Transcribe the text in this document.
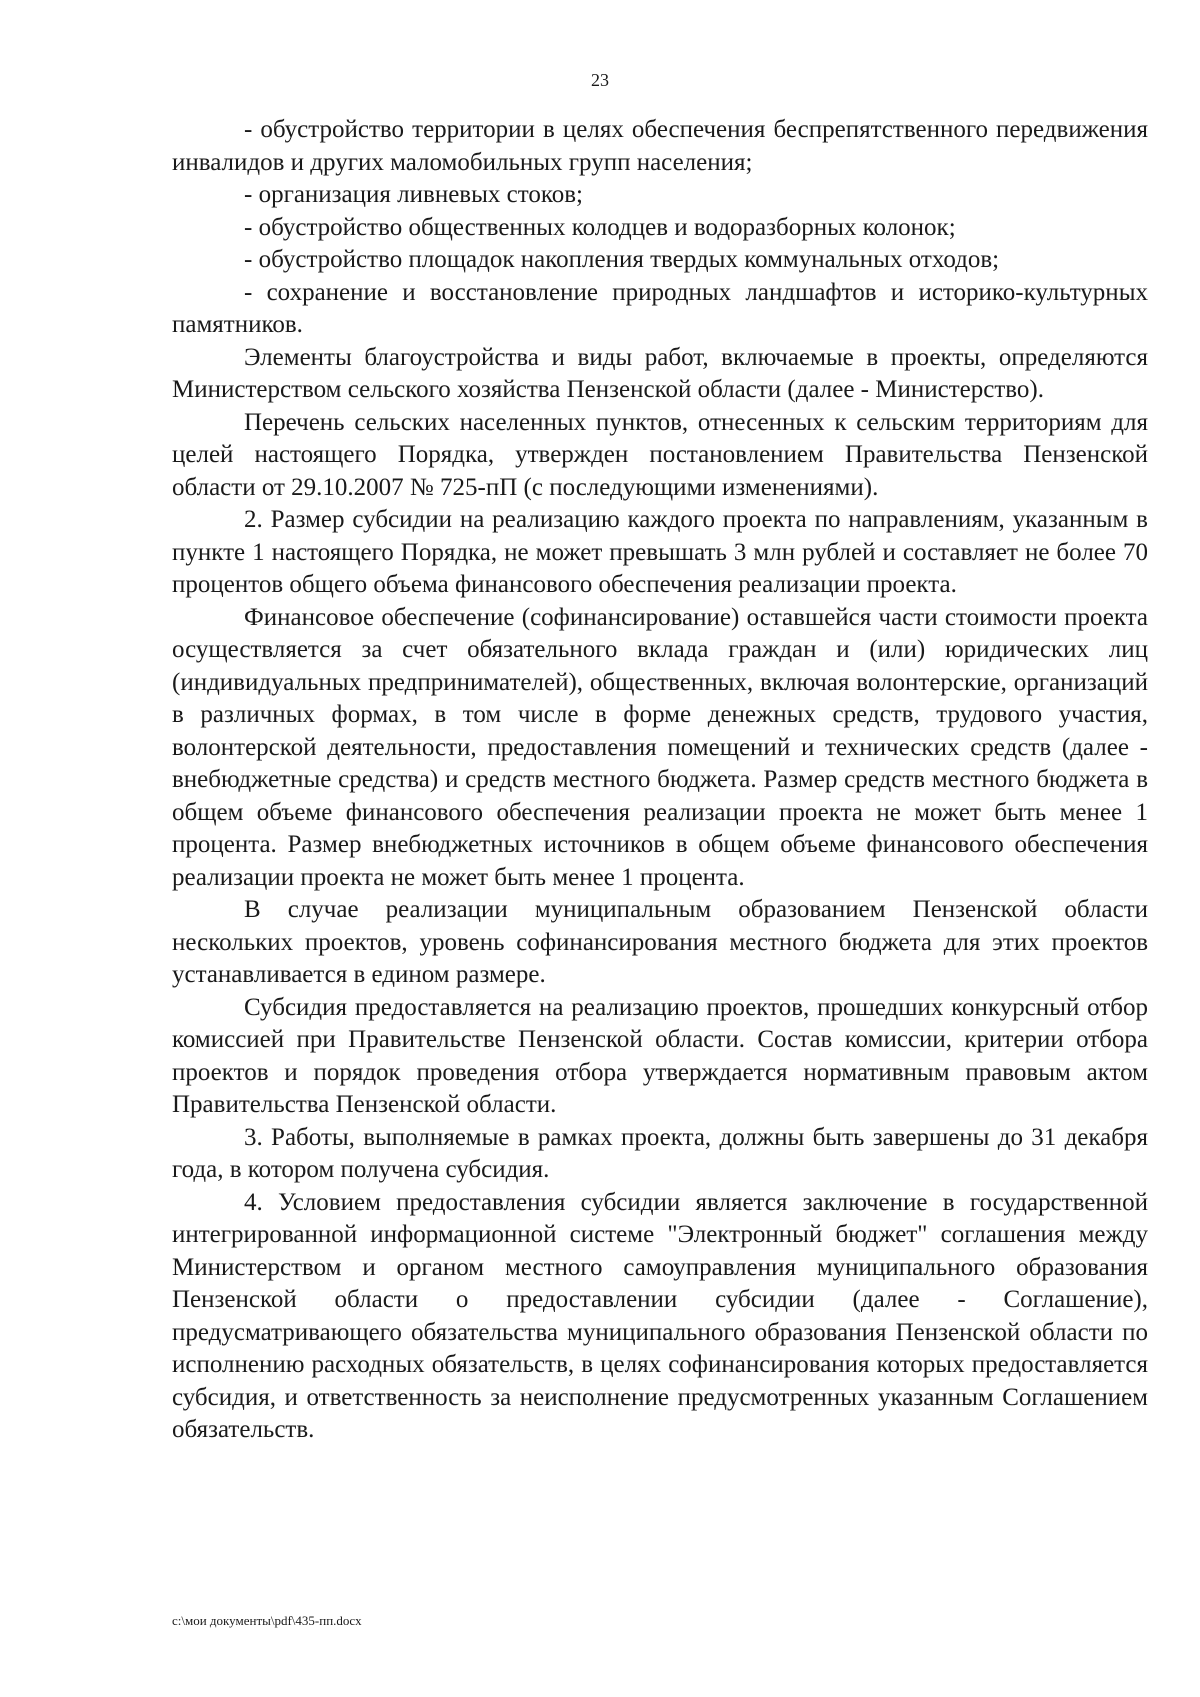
23

- обустройство территории в целях обеспечения беспрепятственного передвижения инвалидов и других маломобильных групп населения;

- организация ливневых стоков;

- обустройство общественных колодцев и водоразборных колонок;

- обустройство площадок накопления твердых коммунальных отходов;

- сохранение и восстановление природных ландшафтов и историко-культурных памятников.

Элементы благоустройства и виды работ, включаемые в проекты, определяются Министерством сельского хозяйства Пензенской области (далее - Министерство).

Перечень сельских населенных пунктов, отнесенных к сельским территориям для целей настоящего Порядка, утвержден постановлением Правительства Пензенской области от 29.10.2007 № 725-пП (с последующими изменениями).

2. Размер субсидии на реализацию каждого проекта по направлениям, указанным в пункте 1 настоящего Порядка, не может превышать 3 млн рублей и составляет не более 70 процентов общего объема финансового обеспечения реализации проекта.

Финансовое обеспечение (софинансирование) оставшейся части стоимости проекта осуществляется за счет обязательного вклада граждан и (или) юридических лиц (индивидуальных предпринимателей), общественных, включая волонтерские, организаций в различных формах, в том числе в форме денежных средств, трудового участия, волонтерской деятельности, предоставления помещений и технических средств (далее - внебюджетные средства) и средств местного бюджета. Размер средств местного бюджета в общем объеме финансового обеспечения реализации проекта не может быть менее 1 процента. Размер внебюджетных источников в общем объеме финансового обеспечения реализации проекта не может быть менее 1 процента.

В случае реализации муниципальным образованием Пензенской области нескольких проектов, уровень софинансирования местного бюджета для этих проектов устанавливается в едином размере.

Субсидия предоставляется на реализацию проектов, прошедших конкурсный отбор комиссией при Правительстве Пензенской области. Состав комиссии, критерии отбора проектов и порядок проведения отбора утверждается нормативным правовым актом Правительства Пензенской области.

3. Работы, выполняемые в рамках проекта, должны быть завершены до 31 декабря года, в котором получена субсидия.

4. Условием предоставления субсидии является заключение в государственной интегрированной информационной системе "Электронный бюджет" соглашения между Министерством и органом местного самоуправления муниципального образования Пензенской области о предоставлении субсидии (далее - Соглашение), предусматривающего обязательства муниципального образования Пензенской области по исполнению расходных обязательств, в целях софинансирования которых предоставляется субсидия, и ответственность за неисполнение предусмотренных указанным Соглашением обязательств.

c:\мои документы\pdf\435-пп.docx
